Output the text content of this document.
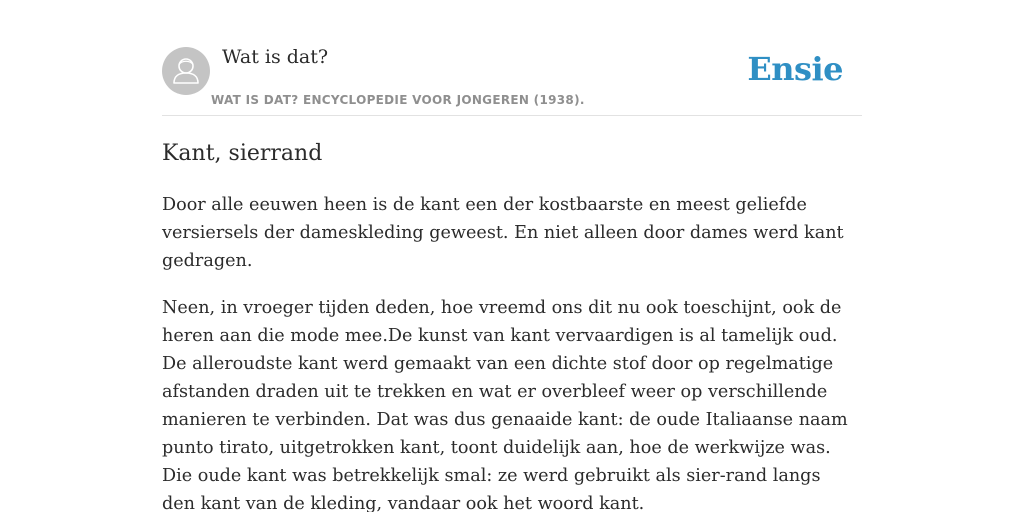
Wat is dat?
WAT IS DAT? ENCYCLOPEDIE VOOR JONGEREN (1938).
Ensie
Kant, sierrand

Door alle eeuwen heen is de kant een der kostbaarste en meest geliefde versiersels der dameskleding geweest. En niet alleen door dames werd kant gedragen.

Neen, in vroeger tijden deden, hoe vreemd ons dit nu ook toeschijnt, ook de heren aan die mode mee.De kunst van kant vervaardigen is al tamelijk oud. De alleroudste kant werd gemaakt van een dichte stof door op regelmatige afstanden draden uit te trekken en wat er overbleef weer op verschillende manieren te verbinden. Dat was dus genaaide kant: de oude Italiaanse naam punto tirato, uitgetrokken kant, toont duidelijk aan, hoe de werkwijze was. Die oude kant was betrekkelijk smal: ze werd gebruikt als sier-rand langs den kant van de kleding, vandaar ook het woord kant.
